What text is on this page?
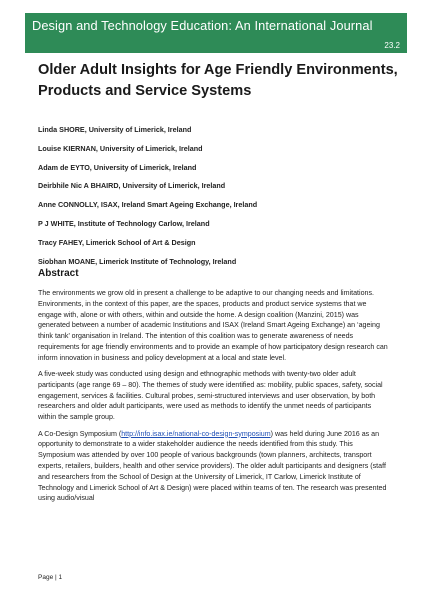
Design and Technology Education: An International Journal
23.2
Older Adult Insights for Age Friendly Environments, Products and Service Systems
Linda SHORE, University of Limerick, Ireland
Louise KIERNAN, University of Limerick, Ireland
Adam de EYTO, University of Limerick, Ireland
Deirbhile Nic A BHAIRD, University of Limerick, Ireland
Anne CONNOLLY, ISAX, Ireland Smart Ageing Exchange, Ireland
P J WHITE, Institute of Technology Carlow, Ireland
Tracy FAHEY, Limerick School of Art & Design
Siobhan MOANE, Limerick Institute of Technology, Ireland
Abstract

The environments we grow old in present a challenge to be adaptive to our changing needs and limitations. Environments, in the context of this paper, are the spaces, products and product service systems that we engage with, alone or with others, within and outside the home. A design coalition (Manzini, 2015) was generated between a number of academic Institutions and ISAX (Ireland Smart Ageing Exchange) an ‘ageing think tank’ organisation in Ireland. The intention of this coalition was to generate awareness of needs requirements for age friendly environments and to provide an example of how participatory design research can inform innovation in business and policy development at a local and state level.

A five-week study was conducted using design and ethnographic methods with twenty-two older adult participants (age range 69 – 80). The themes of study were identified as: mobility, public spaces, safety, social engagement, services & facilities. Cultural probes, semi-structured interviews and user observation, by both researchers and older adult participants, were used as methods to identify the unmet needs of participants within the sample group.

A Co-Design Symposium (http://info.isax.ie/national-co-design-symposium) was held during June 2016 as an opportunity to demonstrate to a wider stakeholder audience the needs identified from this study. This Symposium was attended by over 100 people of various backgrounds (town planners, architects, transport experts, retailers, builders, health and other service providers). The older adult participants and designers (staff and researchers from the School of Design at the University of Limerick, IT Carlow, Limerick Institute of Technology and Limerick School of Art & Design) were placed within teams of ten. The research was presented using audio/visual

Page | 1
